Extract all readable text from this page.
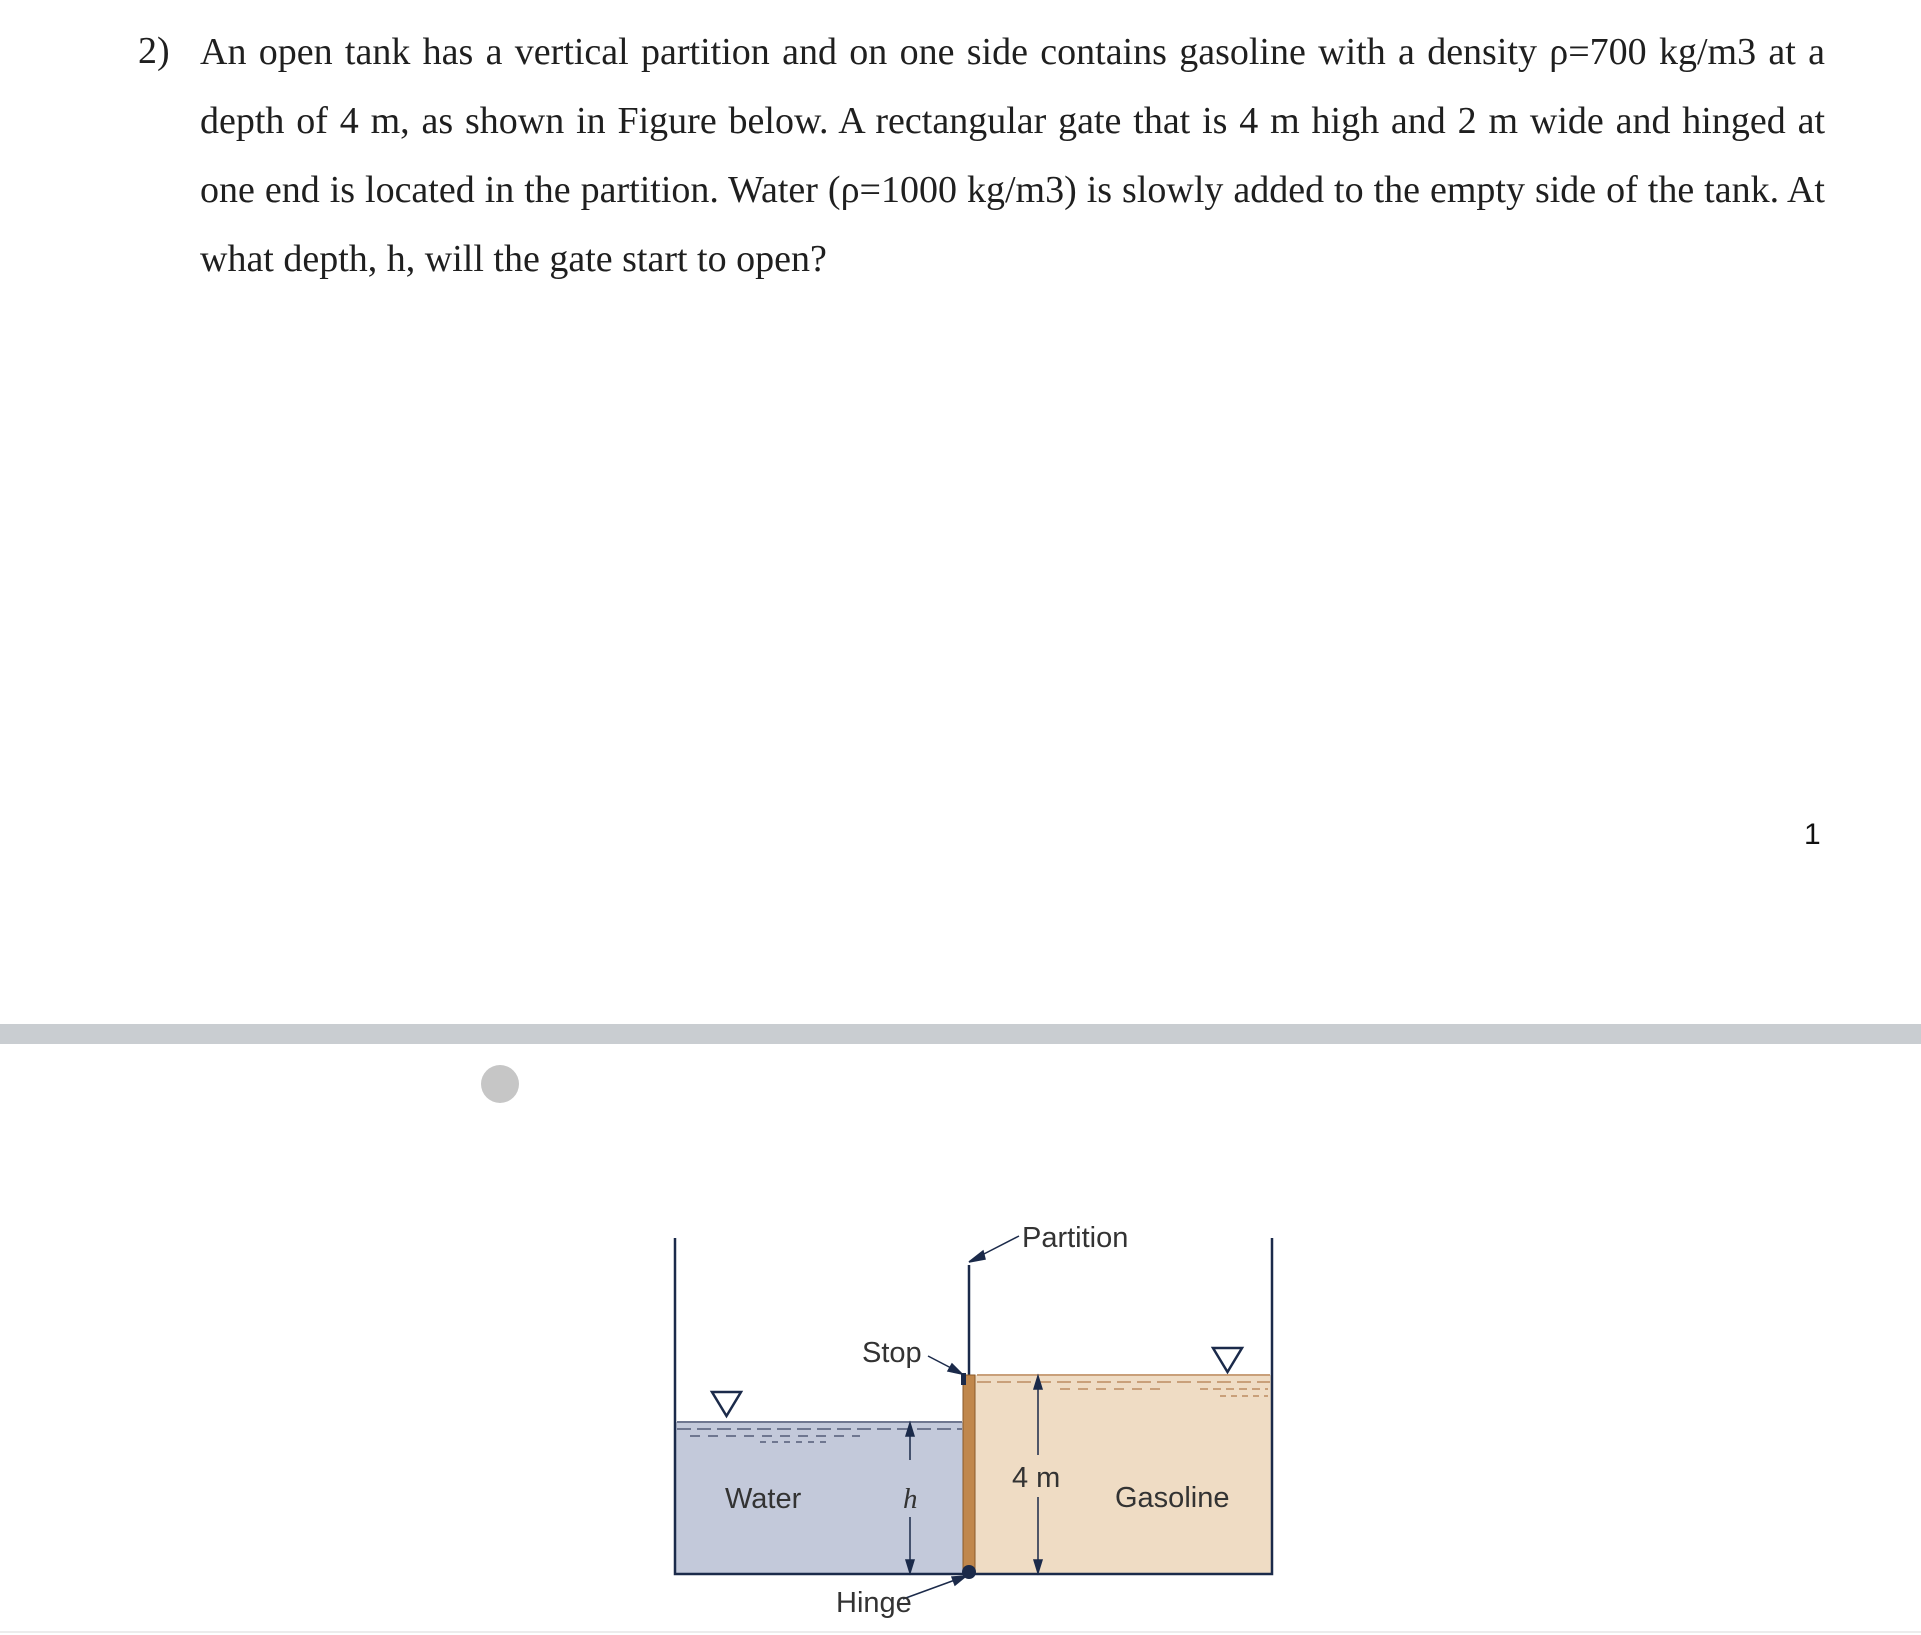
2) An open tank has a vertical partition and on one side contains gasoline with a density ρ=700 kg/m3 at a depth of 4 m, as shown in Figure below. A rectangular gate that is 4 m high and 2 m wide and hinged at one end is located in the partition. Water (ρ=1000 kg/m3) is slowly added to the empty side of the tank. At what depth, h, will the gate start to open?
1
Partition
Stop
Water	h
4 m
Gasoline
Hinge
